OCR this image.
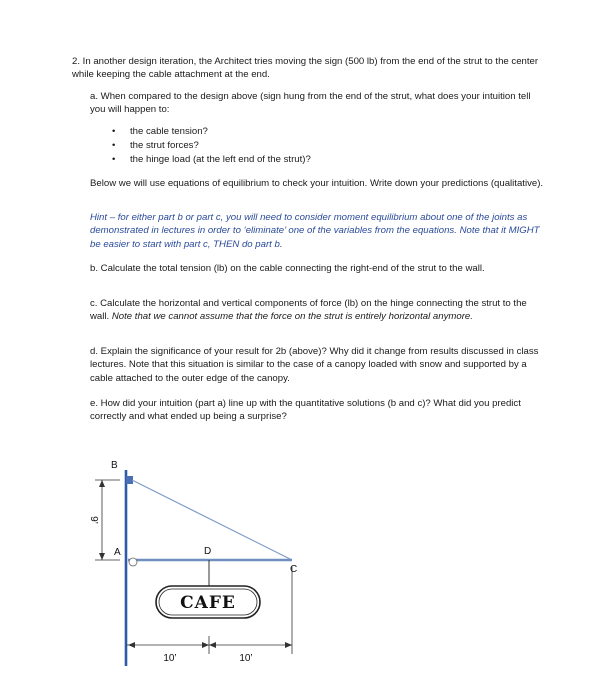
2. In another design iteration, the Architect tries moving the sign (500 lb) from the end of the strut to the center while keeping the cable attachment at the end.

a. When compared to the design above (sign hung from the end of the strut, what does your intuition tell you will happen to:

• the cable tension?
• the strut forces?
• the hinge load (at the left end of the strut)?

Below we will use equations of equilibrium to check your intuition. Write down your predictions (qualitative).

Hint – for either part b or part c, you will need to consider moment equilibrium about one of the joints as demonstrated in lectures in order to ‘eliminate’ one of the variables from the equations. Note that it MIGHT be easier to start with part c, THEN do part b.

b. Calculate the total tension (lb) on the cable connecting the right-end of the strut to the wall.

c. Calculate the horizontal and vertical components of force (lb) on the hinge connecting the strut to the wall. Note that we cannot assume that the force on the strut is entirely horizontal anymore.

d. Explain the significance of your result for 2b (above)? Why did it change from results discussed in class lectures. Note that this situation is similar to the case of a canopy loaded with snow and supported by a cable attached to the outer edge of the canopy.

e. How did your intuition (part a) line up with the quantitative solutions (b and c)? What did you predict correctly and what ended up being a surprise?

9’
B
A	D
C
CAFE
10’	10’
